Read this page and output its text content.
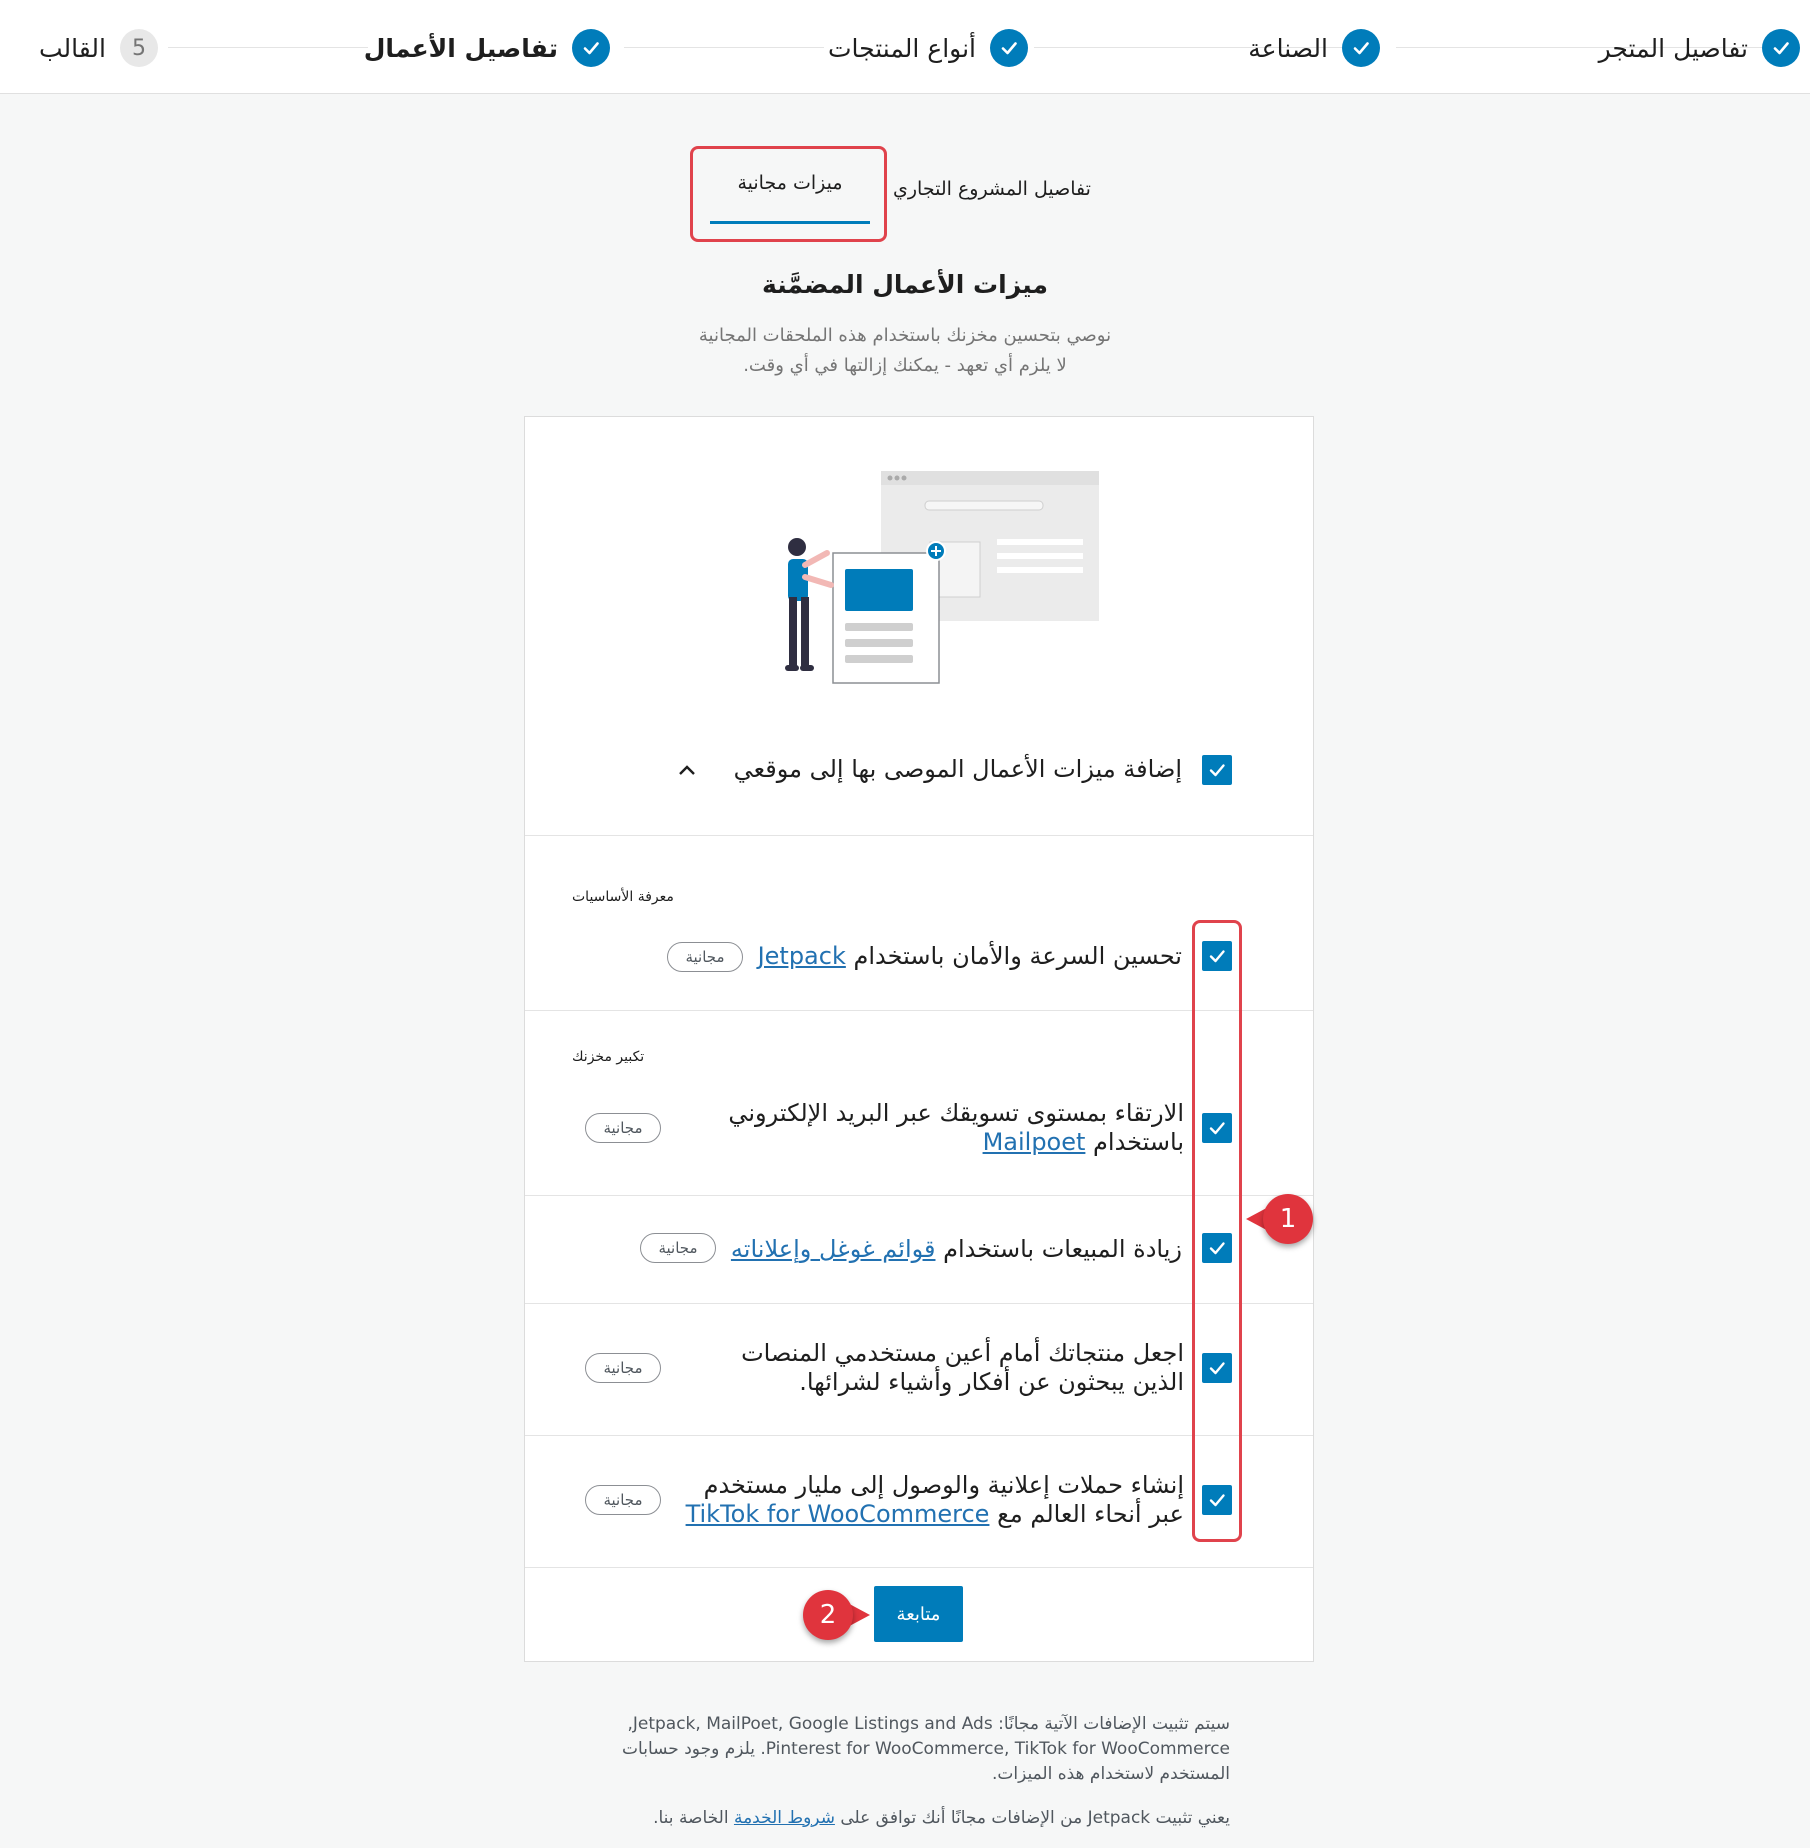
تفاصيل المتجر
الصناعة
أنواع المنتجات
تفاصيل الأعمال
5
القالب
تفاصيل المشروع التجاري
ميزات مجانية
ميزات الأعمال المضمَّنة
نوصي بتحسين مخزنك باستخدام هذه الملحقات المجانية
لا يلزم أي تعهد - يمكنك إزالتها في أي وقت.
إضافة ميزات الأعمال الموصى بها إلى موقعي
معرفة الأساسيات
تحسين السرعة والأمان باستخدام Jetpack
مجانية
تكبير مخزنك
الارتقاء بمستوى تسويقك عبر البريد الإلكتروني
باستخدام Mailpoet
مجانية
زيادة المبيعات باستخدام قوائم غوغل وإعلاناته
مجانية
اجعل منتجاتك أمام أعين مستخدمي المنصات
الذين يبحثون عن أفكار وأشياء لشرائها.
مجانية
إنشاء حملات إعلانية والوصول إلى مليار مستخدم
عبر أنحاء العالم مع TikTok for WooCommerce
مجانية
1
متابعة
2
سيتم تثبيت الإضافات الآتية مجانًا: Jetpack, MailPoet, Google Listings and Ads,
Pinterest for WooCommerce, TikTok for WooCommerce. يلزم وجود حسابات
المستخدم لاستخدام هذه الميزات.
يعني تثبيت Jetpack من الإضافات مجانًا أنك توافق على شروط الخدمة الخاصة بنا.
